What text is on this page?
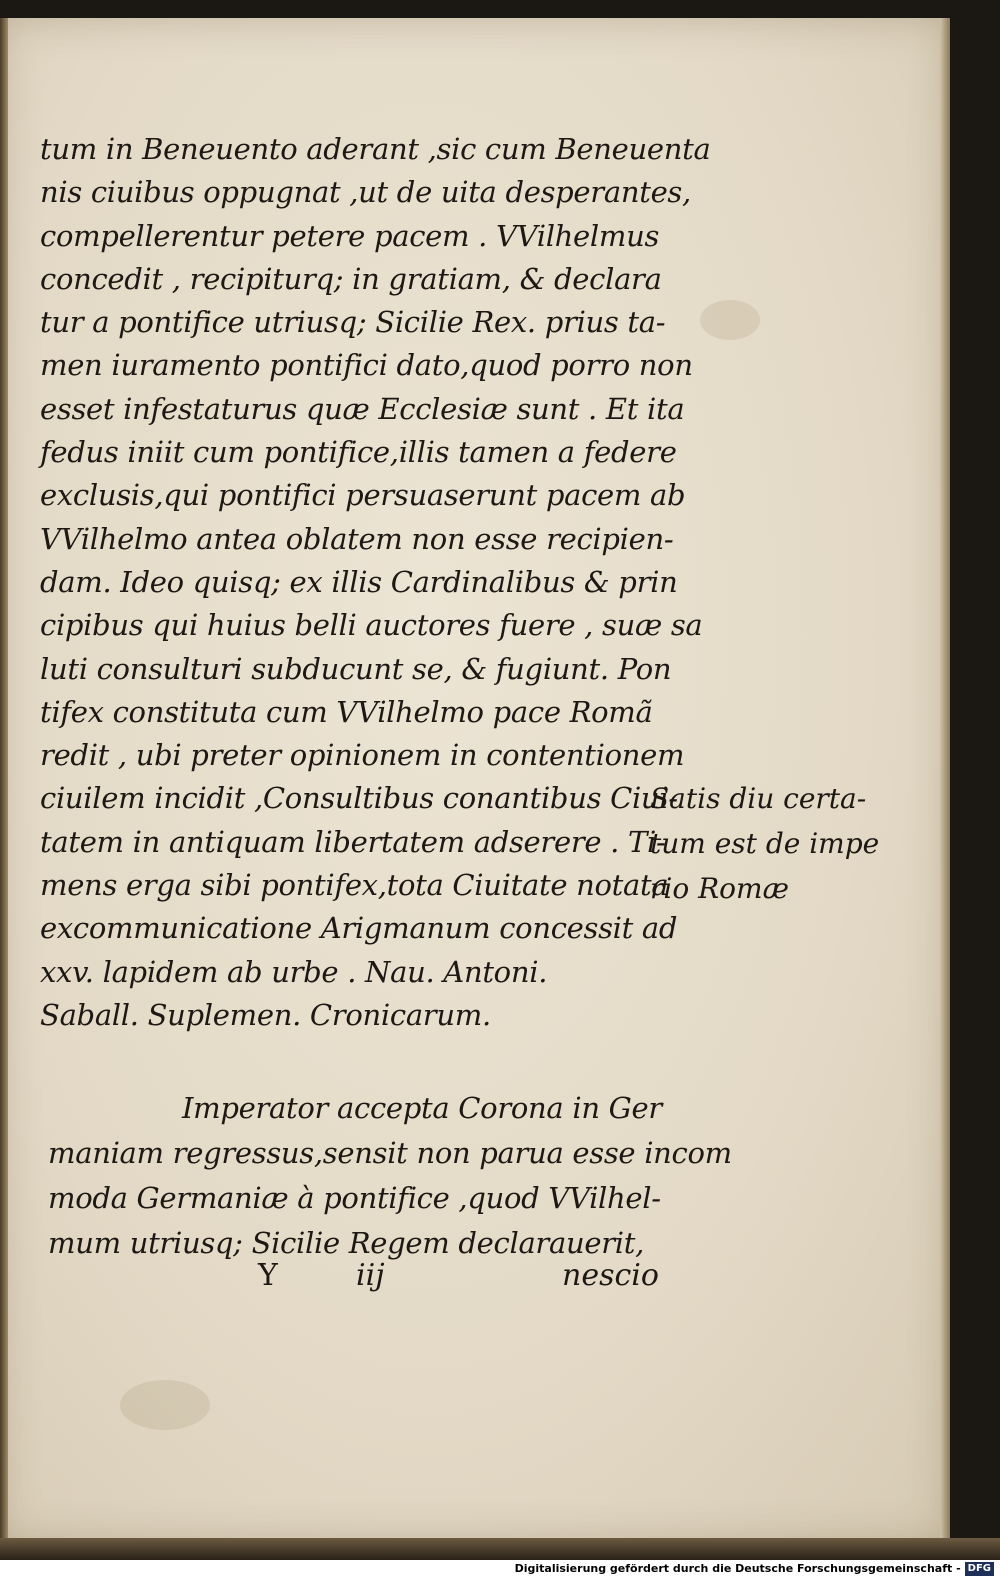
tum in Beneuento aderant ,sic cum Beneuenta
nis ciuibus oppugnat ,ut de uita desperantes,
compellerentur petere pacem . VVilhelmus
concedit , recipiturq; in gratiam, & declara
tur a pontifice utriusq; Sicilie Rex. prius ta-
men iuramento pontifici dato,quod porro non
esset infestaturus quæ Ecclesiæ sunt . Et ita
fedus iniit cum pontifice,illis tamen a federe
exclusis,qui pontifici persuaserunt pacem ab
VVilhelmo antea oblatem non esse recipien-
dam. Ideo quisq; ex illis Cardinalibus & prin
cipibus qui huius belli auctores fuere , suæ sa
luti consulturi subducunt se, & fugiunt. Pon
tifex constituta cum VVilhelmo pace Romã
redit , ubi preter opinionem in contentionem
ciuilem incidit ,Consultibus conantibus Ciui-
tatem in antiquam libertatem adserere . Ti-
mens erga sibi pontifex,tota Ciuitate notata
excommunicatione Arigmanum concessit ad
xxv. lapidem ab urbe . Nau. Antoni.
Saball. Suplemen. Cronicarum.
Satis diu certa-
tum est de impe
rio Romæ
Imperator accepta Corona in Ger
maniam regressus,sensit non parua esse incom
moda Germaniæ à pontifice ,quod VVilhel-
mum utriusq; Sicilie Regem declarauerit,
Y	iij	nescio
Digitalisierung gefördert durch die Deutsche Forschungsgemeinschaft - DFG
